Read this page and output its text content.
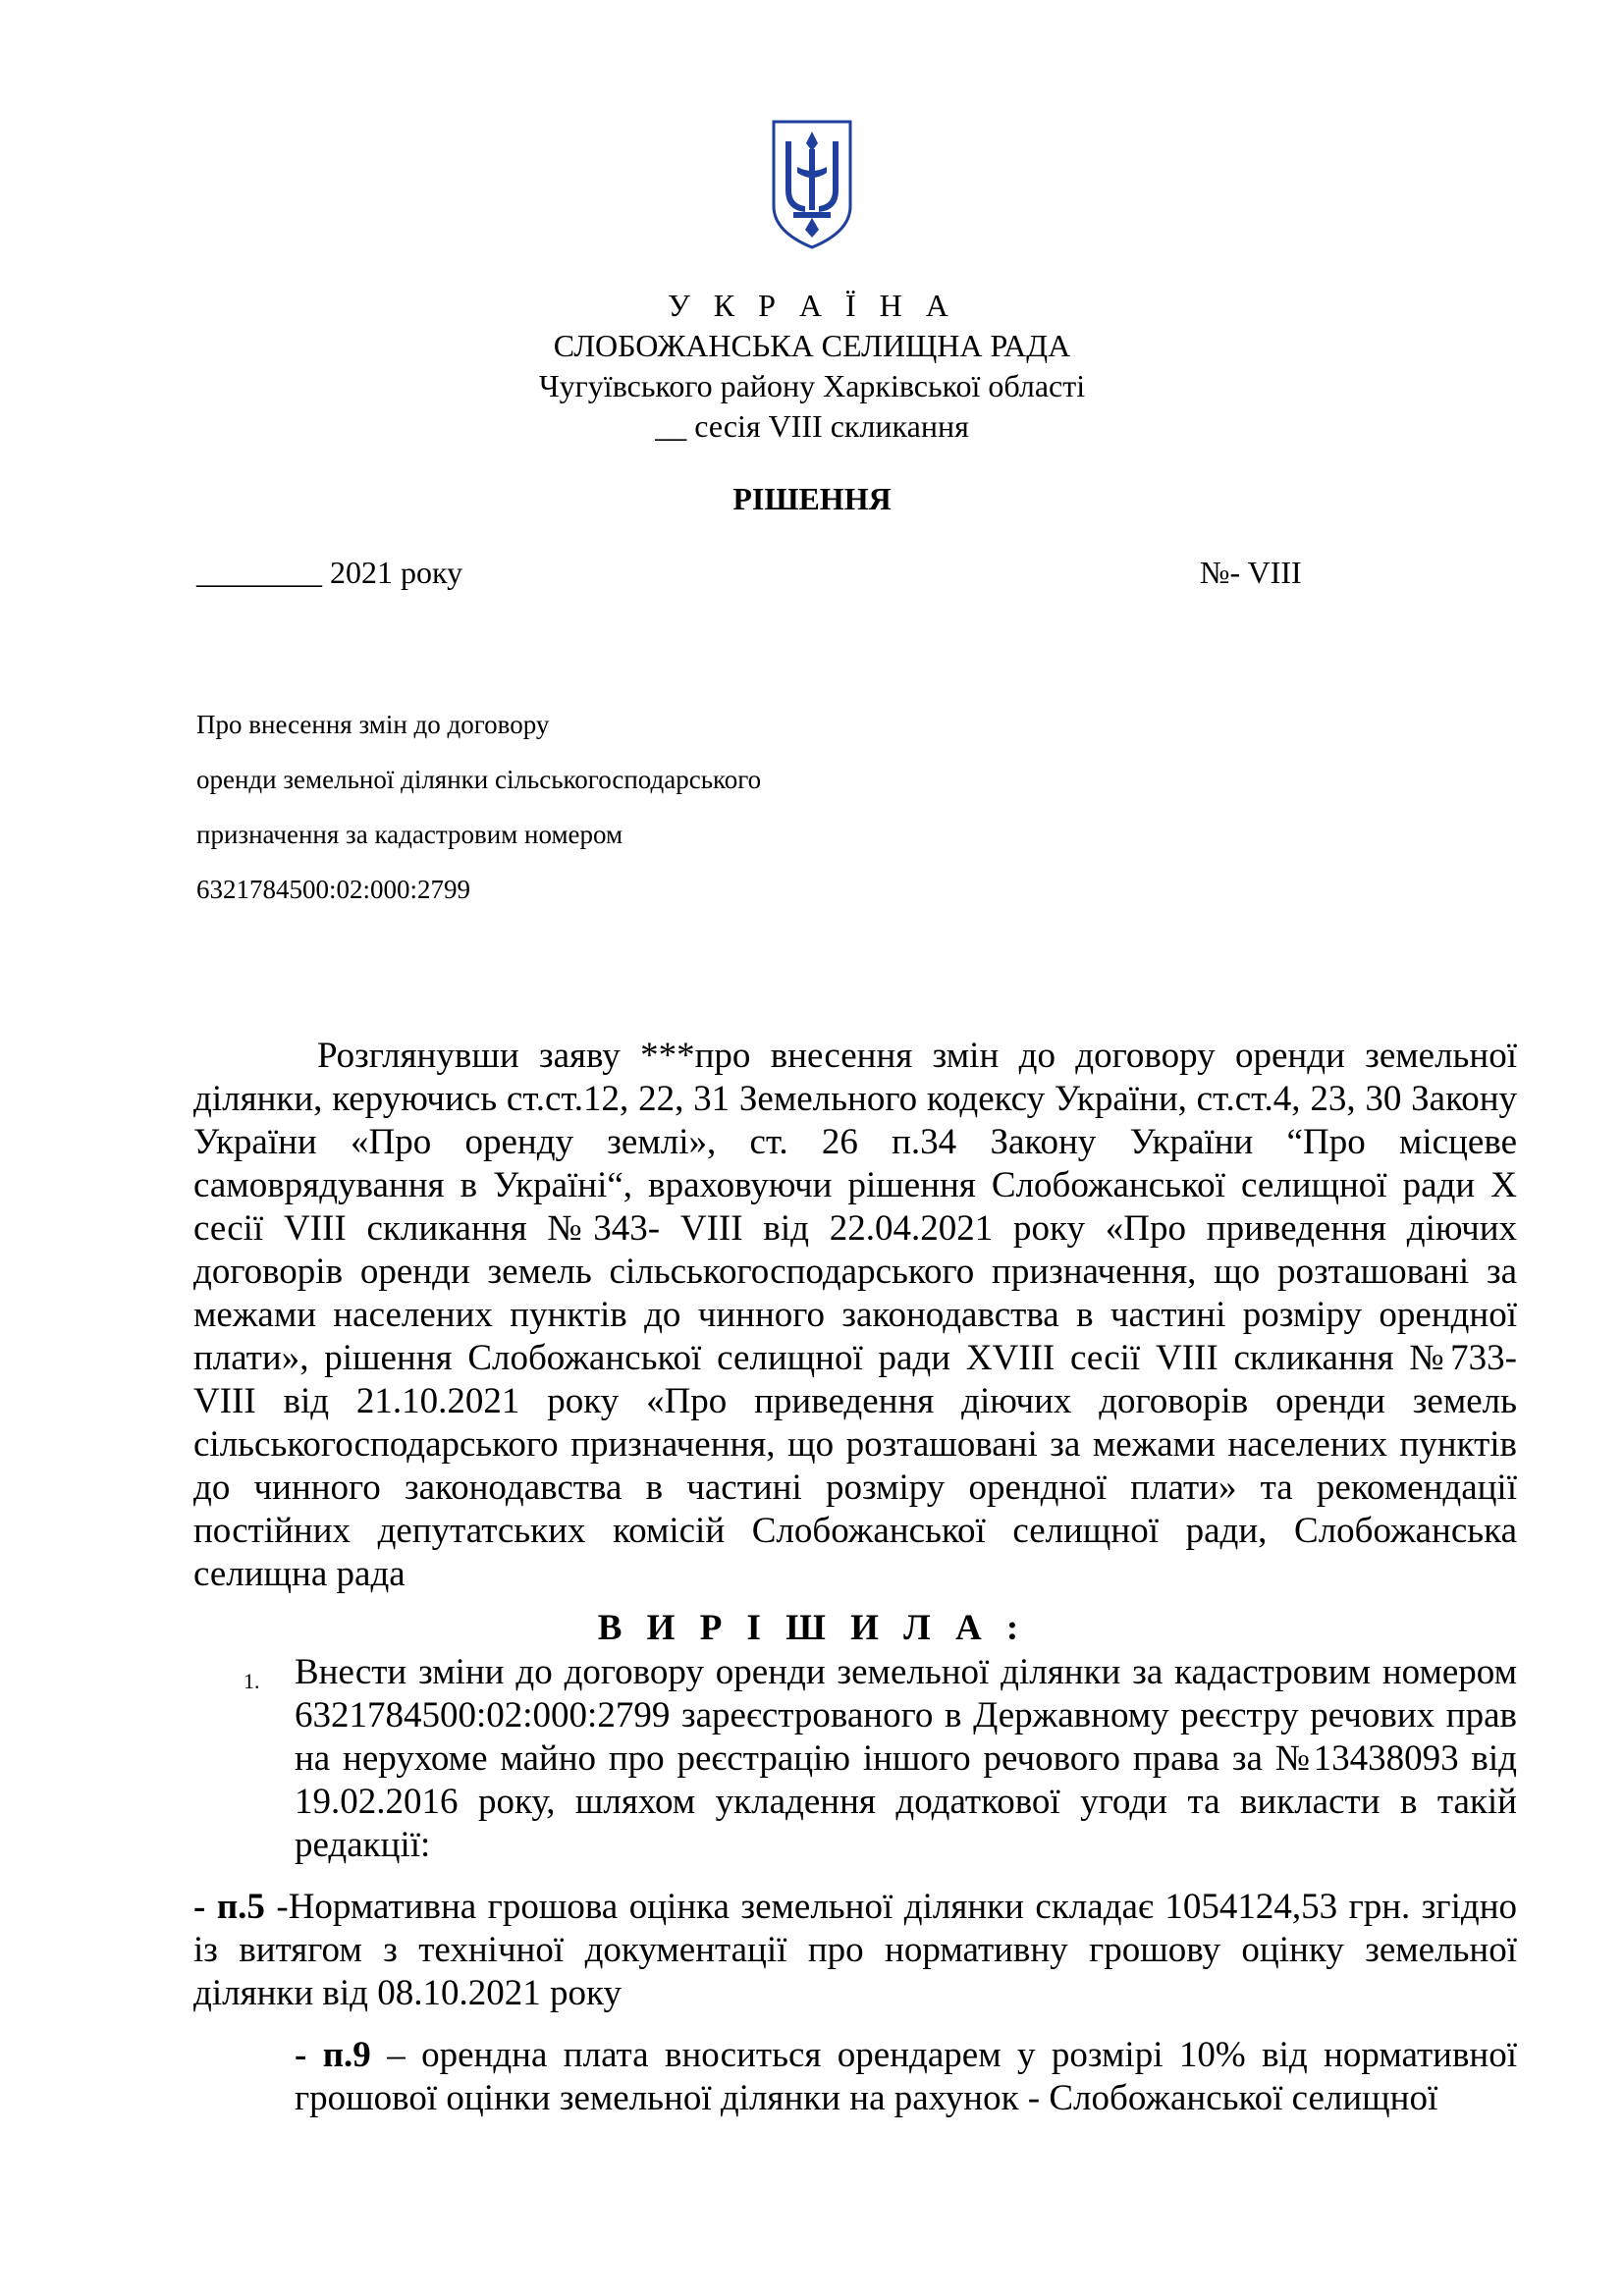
У К Р А Ї Н А
СЛОБОЖАНСЬКА СЕЛИЩНА РАДА
Чугуївського району Харківської області
__ сесія VIII скликання
РІШЕННЯ
________ 2021 року	№- VIII
Про внесення змін до договору
оренди земельної ділянки сільськогосподарського
призначення за кадастровим номером
6321784500:02:000:2799
Розглянувши заяву ***про внесення змін до договору оренди земельної ділянки, керуючись ст.ст.12, 22, 31 Земельного кодексу України, ст.ст.4, 23, 30 Закону України «Про оренду землі», ст. 26 п.34 Закону України “Про місцеве самоврядування в Україні“, враховуючи рішення Слобожанської селищної ради Х сесії VIII скликання №343- VIII від 22.04.2021 року «Про приведення діючих договорів оренди земель сільськогосподарського призначення, що розташовані за межами населених пунктів до чинного законодавства в частині розміру орендної плати», рішення Слобожанської селищної ради XVIII сесії VIII скликання №733- VIII від 21.10.2021 року «Про приведення діючих договорів оренди земель сільськогосподарського призначення, що розташовані за межами населених пунктів до чинного законодавства в частині розміру орендної плати» та рекомендації постійних депутатських комісій Слобожанської селищної ради, Слобожанська селищна рада
В И Р І Ш И Л А :
1. Внести зміни до договору оренди земельної ділянки за кадастровим номером 6321784500:02:000:2799 зареєстрованого в Державному реєстру речових прав на нерухоме майно про реєстрацію іншого речового права за №13438093 від 19.02.2016 року, шляхом укладення додаткової угоди та викласти в такій редакції:
- п.5 -Нормативна грошова оцінка земельної ділянки складає 1054124,53 грн. згідно із витягом з технічної документації про нормативну грошову оцінку земельної ділянки від 08.10.2021 року
- п.9 – орендна плата вноситься орендарем у розмірі 10% від нормативної грошової оцінки земельної ділянки на рахунок - Слобожанської селищної
